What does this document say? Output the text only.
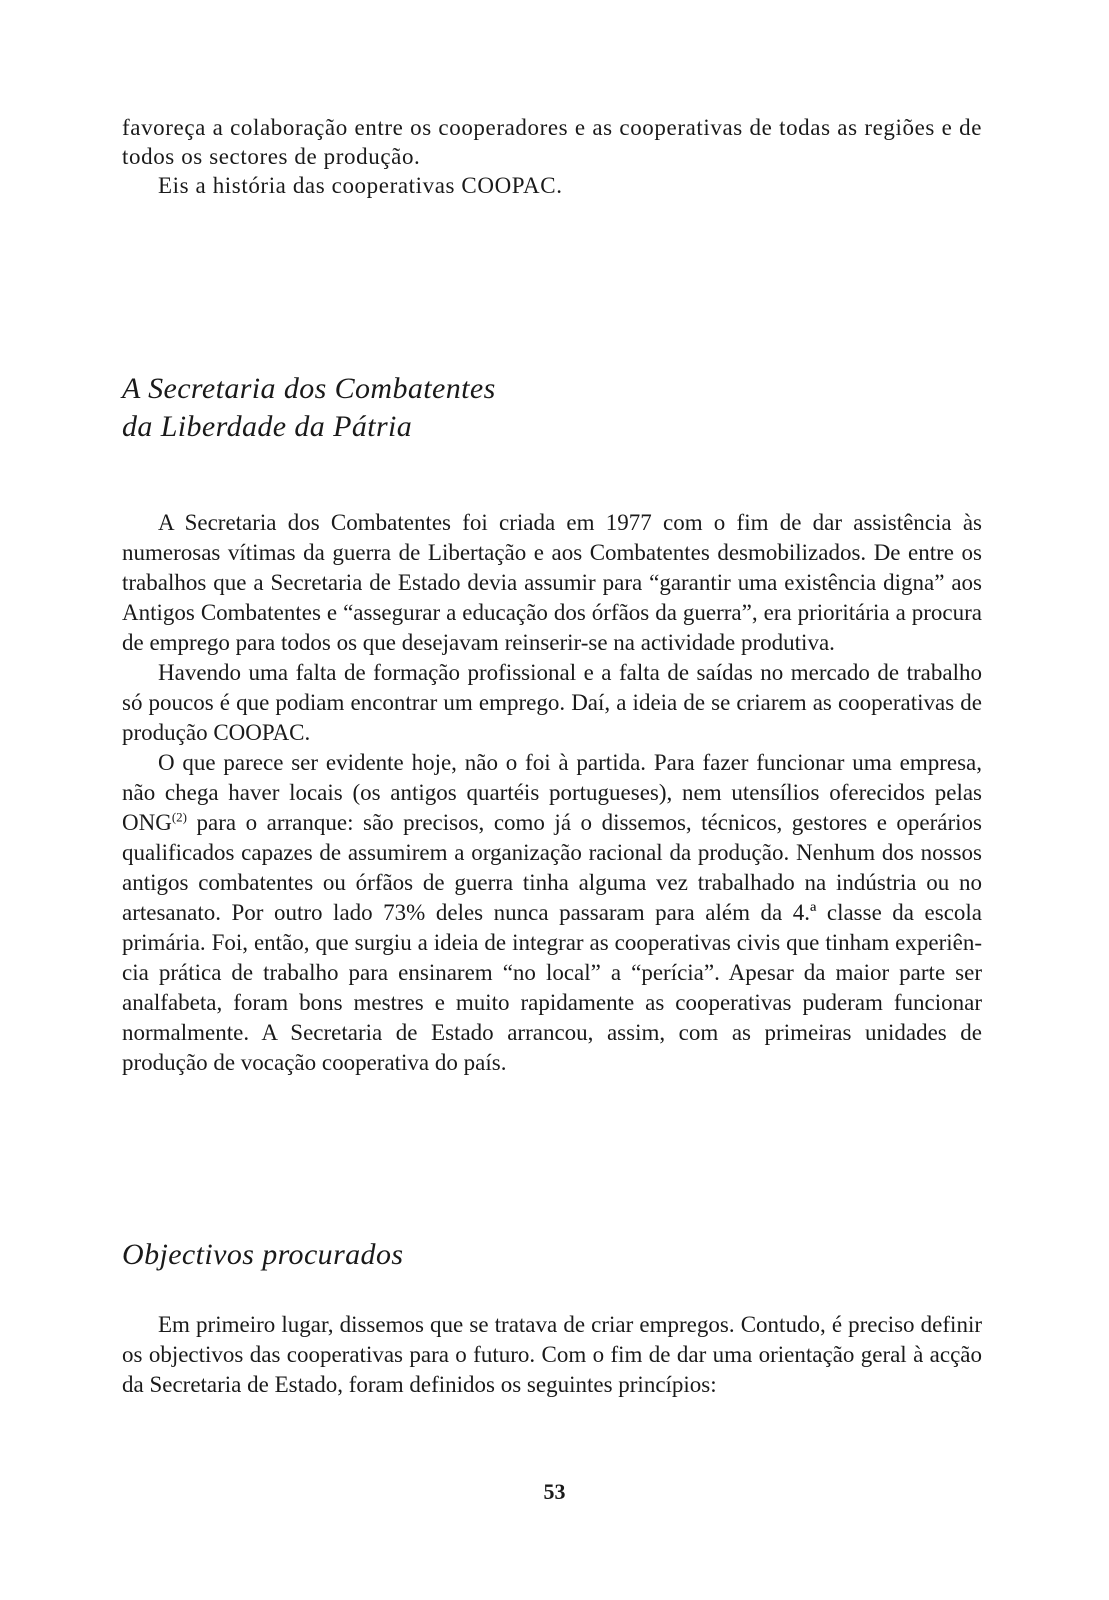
favoreça a colaboração entre os cooperadores e as cooperativas de todas as regiões e de todos os sectores de produção.

Eis a história das cooperativas COOPAC.

A Secretaria dos Combatentes
da Liberdade da Pátria

A Secretaria dos Combatentes foi criada em 1977 com o fim de dar assistência às numerosas vítimas da guerra de Libertação e aos Combatentes desmobilizados. De entre os trabalhos que a Secretaria de Estado devia assumir para “garantir uma existência digna” aos Antigos Combatentes e “assegurar a educação dos órfãos da guerra”, era prioritária a procura de emprego para todos os que desejavam reinserir-se na actividade produtiva.

Havendo uma falta de formação profissional e a falta de saídas no mercado de trabalho só poucos é que podiam encontrar um emprego. Daí, a ideia de se criarem as cooperativas de produção COOPAC.

O que parece ser evidente hoje, não o foi à partida. Para fazer funcionar uma empresa, não chega haver locais (os antigos quartéis portugueses), nem utensílios oferecidos pelas ONG$^{(2)}$ para o arranque: são precisos, como já o dissemos, técnicos, gestores e operários qualificados capazes de assumirem a organização racional da produção. Nenhum dos nossos antigos combatentes ou órfãos de guerra tinha alguma vez trabalhado na indústria ou no artesanato. Por outro lado 73% deles nunca passaram para além da 4.ª classe da escola primária. Foi, então, que surgiu a ideia de integrar as cooperativas civis que tinham experiência prática de trabalho para ensinarem “no local” a “perícia”. Apesar da maior parte ser analfabeta, foram bons mestres e muito rapidamente as cooperativas puderam funcionar normalmente. A Secretaria de Estado arrancou, assim, com as primeiras unidades de produção de vocação cooperativa do país.

Objectivos procurados

Em primeiro lugar, dissemos que se tratava de criar empregos. Contudo, é preciso definir os objectivos das cooperativas para o futuro. Com o fim de dar uma orientação geral à acção da Secretaria de Estado, foram definidos os seguintes princípios:

53
